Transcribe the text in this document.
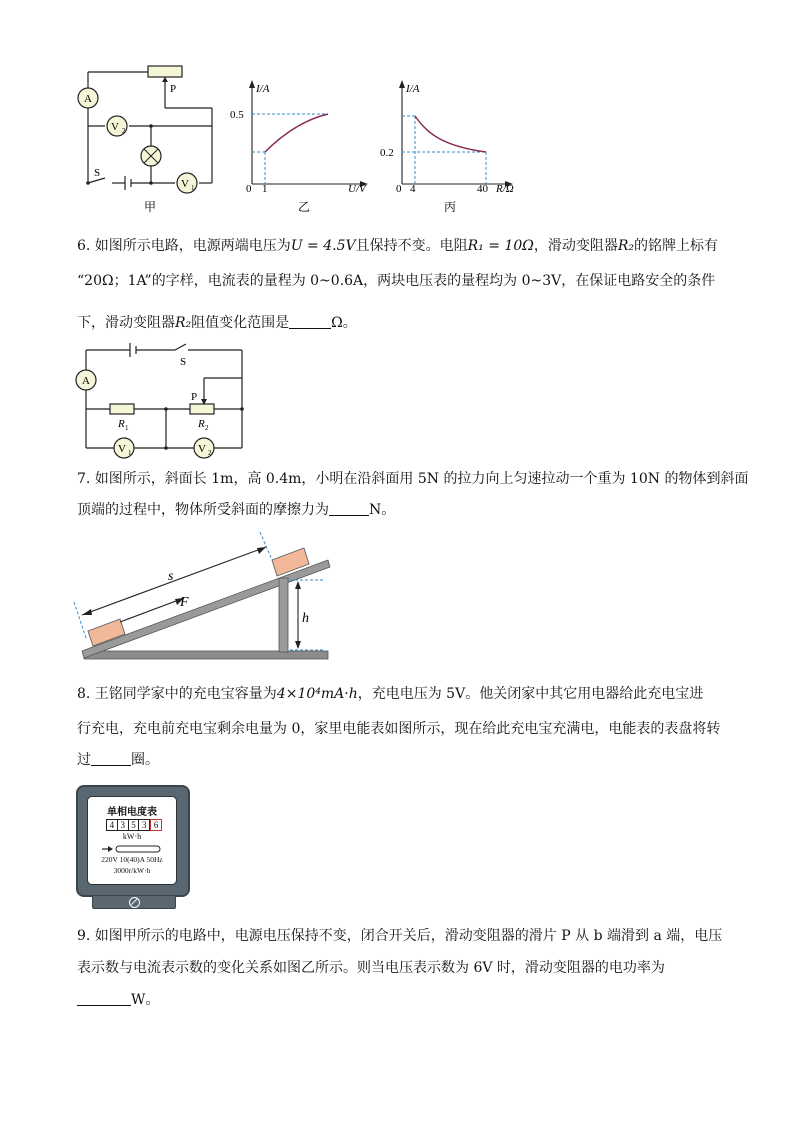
A
V 2
V 1
P
S
甲
I/A
0.5
0 1	U/V
乙
I/A
0.2
0 4	40 R/Ω
丙
6. 如图所示电路，电源两端电压为U = 4.5V且保持不变。电阻R₁ = 10Ω，滑动变阻器R₂的铭牌上标有
“20Ω；1A”的字样，电流表的量程为 0~0.6A，两块电压表的量程均为 0~3V，在保证电路安全的条件
下，滑动变阻器R₂阻值变化范围是	Ω。
A
V 1	V 2
S
P
R 1	R 2
7. 如图所示，斜面长 1m，高 0.4m，小明在沿斜面用 5N 的拉力向上匀速拉动一个重为 10N 的物体到斜面
顶端的过程中，物体所受斜面的摩擦力为	N。
s
F
h
8. 王铭同学家中的充电宝容量为4×10⁴mA·h，充电电压为 5V。他关闭家中其它用电器给此充电宝进
行充电，充电前充电宝剩余电量为 0，家里电能表如图所示，现在给此充电宝充满电，电能表的表盘将转
过	圈。
单相电度表
4 3 5 3 6
kW·h
220V 10(40)A 50Hz
3000r/kW·h
9. 如图甲所示的电路中，电源电压保持不变，闭合开关后，滑动变阻器的滑片 P 从 b 端滑到 a 端，电压
表示数与电流表示数的变化关系如图乙所示。则当电压表示数为 6V 时，滑动变阻器的电功率为
W。
